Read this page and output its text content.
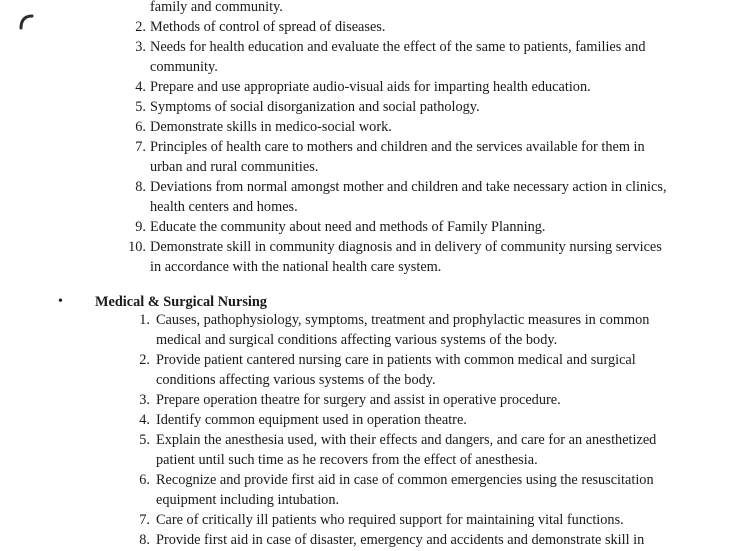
family and community.
2. Methods of control of spread of diseases.
3. Needs for health education and evaluate the effect of the same to patients, families and
community.
4. Prepare and use appropriate audio-visual aids for imparting health education.
5. Symptoms of social disorganization and social pathology.
6. Demonstrate skills in medico-social work.
7. Principles of health care to mothers and children and the services available for them in
urban and rural communities.
8. Deviations from normal amongst mother and children and take necessary action in clinics,
health centers and homes.
9. Educate the community about need and methods of Family Planning.
10. Demonstrate skill in community diagnosis and in delivery of community nursing services
in accordance with the national health care system.
• Medical & Surgical Nursing
1. Causes, pathophysiology, symptoms, treatment and prophylactic measures in common
medical and surgical conditions affecting various systems of the body.
2. Provide patient cantered nursing care in patients with common medical and surgical
conditions affecting various systems of the body.
3. Prepare operation theatre for surgery and assist in operative procedure.
4. Identify common equipment used in operation theatre.
5. Explain the anesthesia used, with their effects and dangers, and care for an anesthetized
patient until such time as he recovers from the effect of anesthesia.
6. Recognize and provide first aid in case of common emergencies using the resuscitation
equipment including intubation.
7. Care of critically ill patients who required support for maintaining vital functions.
8. Provide first aid in case of disaster, emergency and accidents and demonstrate skill in
